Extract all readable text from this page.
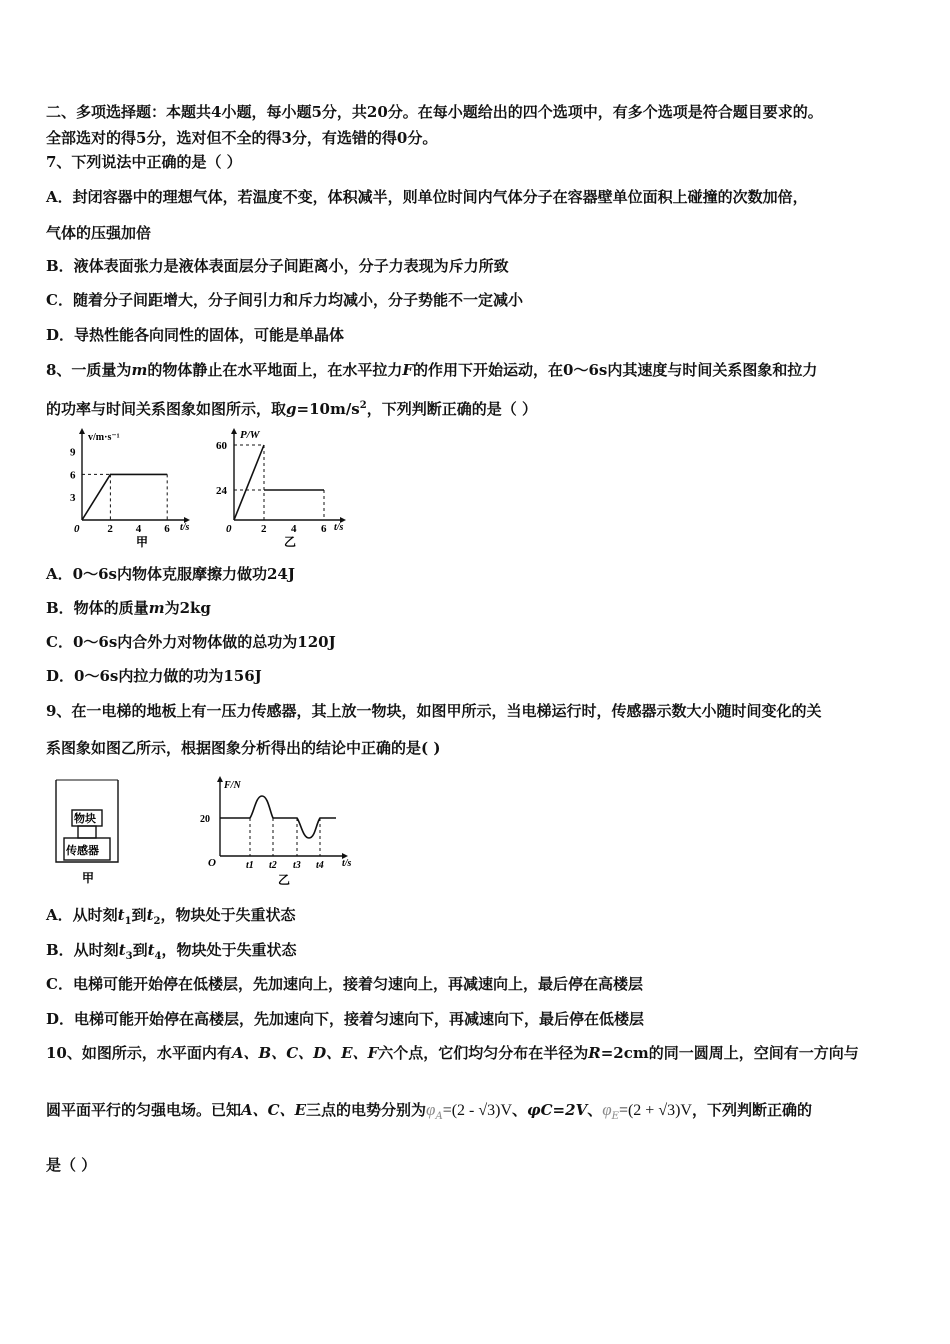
二、多项选择题：本题共4小题，每小题5分，共20分。在每小题给出的四个选项中，有多个选项是符合题目要求的。
全部选对的得5分，选对但不全的得3分，有选错的得0分。
7、下列说法中正确的是（ ）
A．封闭容器中的理想气体，若温度不变，体积减半，则单位时间内气体分子在容器壁单位面积上碰撞的次数加倍，
气体的压强加倍
B．液体表面张力是液体表面层分子间距离小，分子力表现为斥力所致
C．随着分子间距增大，分子间引力和斥力均减小，分子势能不一定减小
D．导热性能各向同性的固体，可能是单晶体
8、一质量为m的物体静止在水平地面上，在水平拉力F的作用下开始运动，在0～6s内其速度与时间关系图象和拉力
的功率与时间关系图象如图所示，取$g=10m/s^2$，下列判断正确的是（ ）
v/m·s⁻¹
t/s
0
3
6
9
2 4 6
甲
P/W
t/s
0
24
60
2 4 6
乙
A．0～6s内物体克服摩擦力做功24J
B．物体的质量m为2kg
C．0～6s内合外力对物体做的总功为120J
D．0～6s内拉力做的功为156J
9、在一电梯的地板上有一压力传感器，其上放一物块，如图甲所示，当电梯运行时，传感器示数大小随时间变化的关
系图象如图乙所示，根据图象分析得出的结论中正确的是( )
物块
传感器
甲
F/N
t/s
O
20
t1 t2 t3 t4
乙
A．从时刻$t_1$到$t_2$，物块处于失重状态
B．从时刻$t_3$到$t_4$，物块处于失重状态
C．电梯可能开始停在低楼层，先加速向上，接着匀速向上，再减速向上，最后停在高楼层
D．电梯可能开始停在高楼层，先加速向下，接着匀速向下，再减速向下，最后停在低楼层
10、如图所示，水平面内有A、B、C、D、E、F六个点，它们均匀分布在半径为R=2cm的同一圆周上，空间有一方向与
圆平面平行的匀强电场。已知A、C、E三点的电势分别为$\varphi_A=(2 - √3)V$、φC=2V、$\varphi_E=(2 + √3)V$，下列判断正确的
是（ ）
